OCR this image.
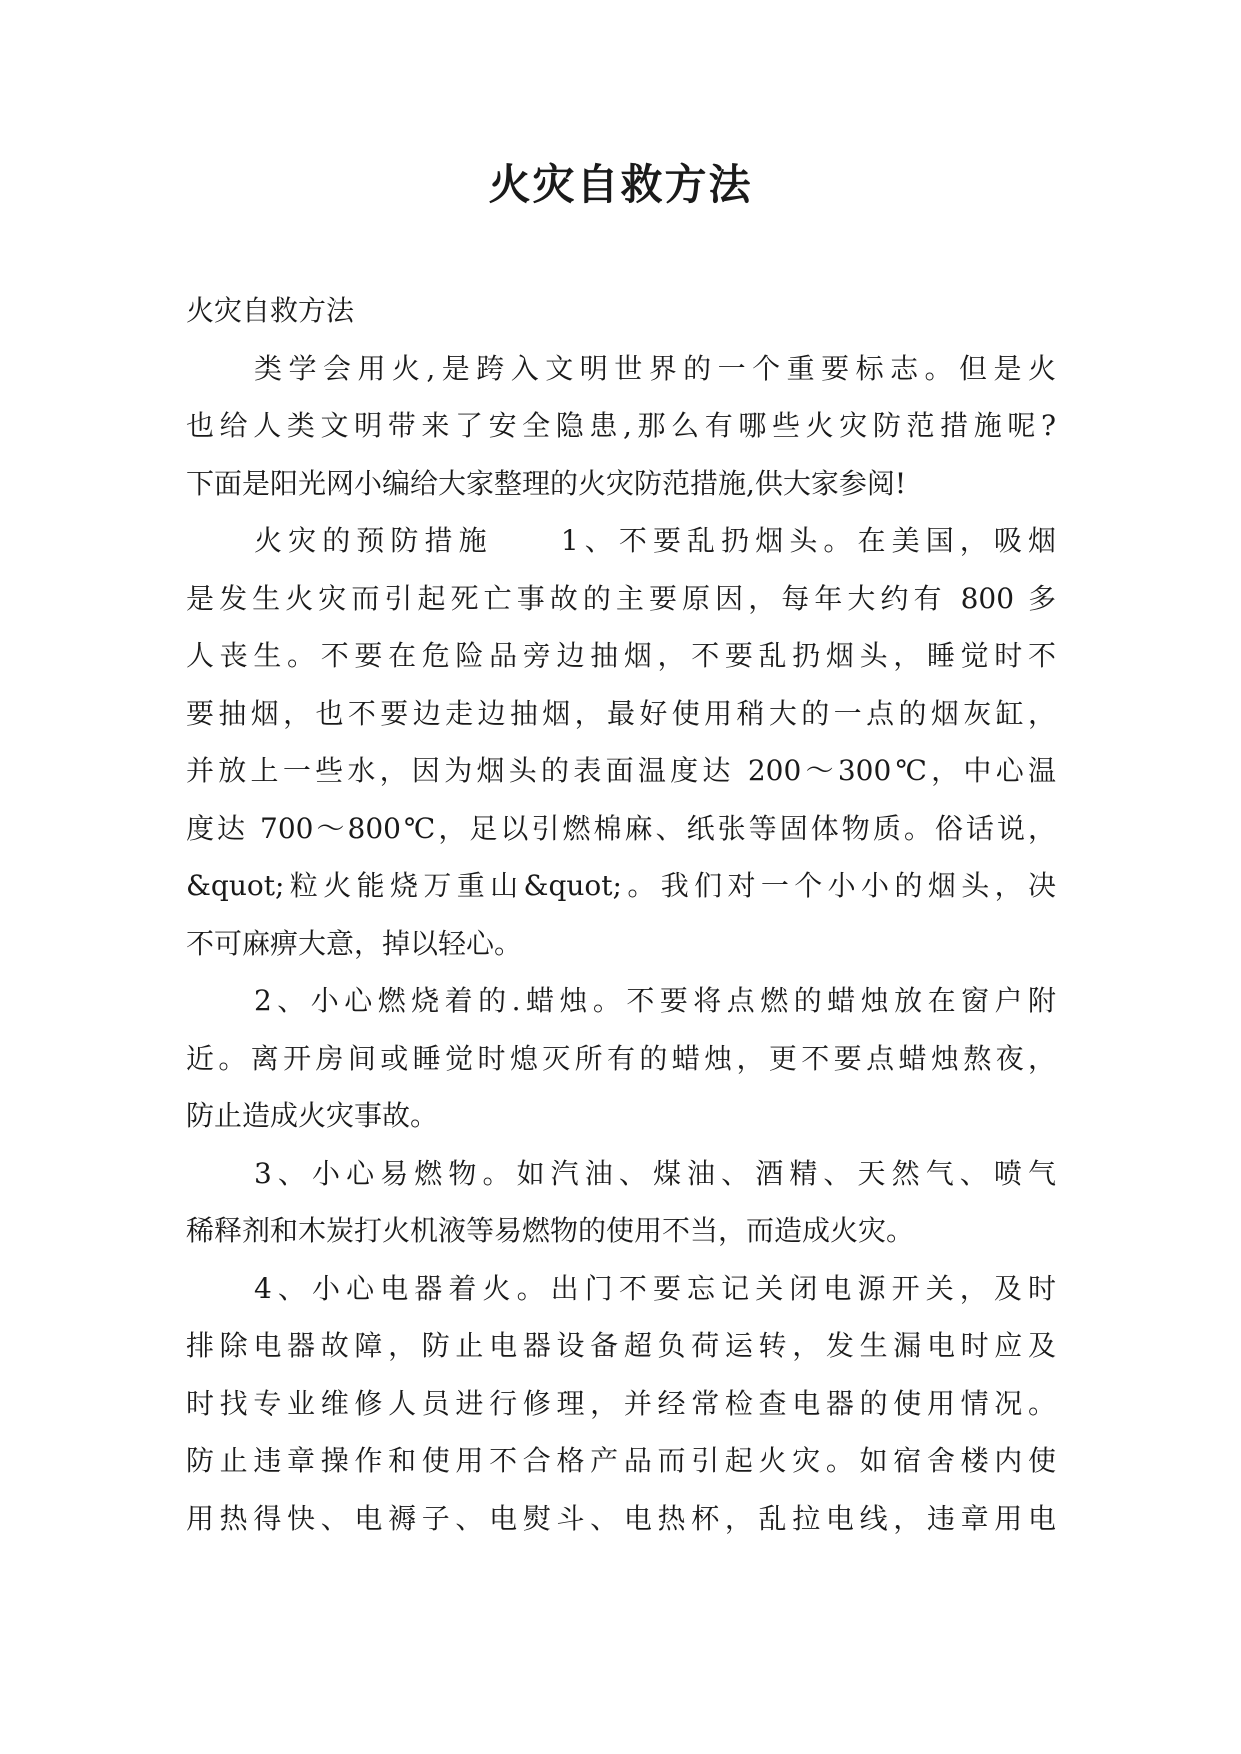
火灾自救方法
火灾自救方法
类学会用火,是跨入文明世界的一个重要标志。但是火
也给人类文明带来了安全隐患,那么有哪些火灾防范措施呢?
下面是阳光网小编给大家整理的火灾防范措施,供大家参阅!
火灾的预防措施　　1、不要乱扔烟头。在美国，吸烟
是发生火灾而引起死亡事故的主要原因，每年大约有 800 多
人丧生。不要在危险品旁边抽烟，不要乱扔烟头，睡觉时不
要抽烟，也不要边走边抽烟，最好使用稍大的一点的烟灰缸，
并放上一些水，因为烟头的表面温度达 200～300℃，中心温
度达 700～800℃，足以引燃棉麻、纸张等固体物质。俗话说，
&quot;粒火能烧万重山&quot;。我们对一个小小的烟头，决
不可麻痹大意，掉以轻心。
2、小心燃烧着的.蜡烛。不要将点燃的蜡烛放在窗户附
近。离开房间或睡觉时熄灭所有的蜡烛，更不要点蜡烛熬夜，
防止造成火灾事故。
3、小心易燃物。如汽油、煤油、酒精、天然气、喷气
稀释剂和木炭打火机液等易燃物的使用不当，而造成火灾。
4、小心电器着火。出门不要忘记关闭电源开关，及时
排除电器故障，防止电器设备超负荷运转，发生漏电时应及
时找专业维修人员进行修理，并经常检查电器的使用情况。
防止违章操作和使用不合格产品而引起火灾。如宿舍楼内使
用热得快、电褥子、电熨斗、电热杯，乱拉电线，违章用电
